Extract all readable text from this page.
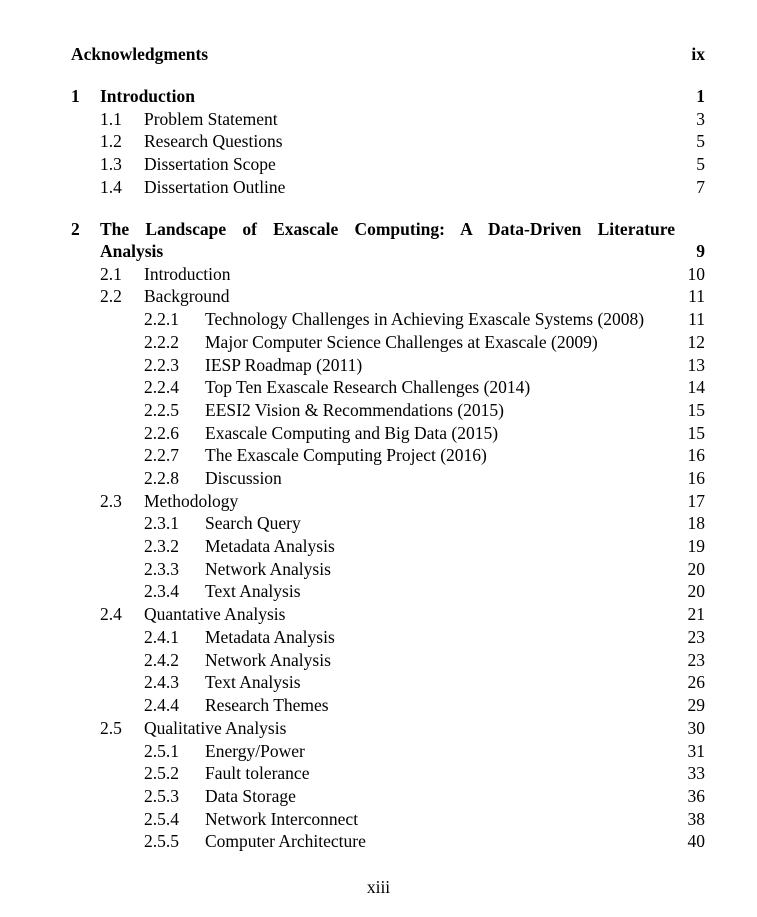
Acknowledgments	ix
1 Introduction	1
1.1 Problem Statement	3
1.2 Research Questions	5
1.3 Dissertation Scope	5
1.4 Dissertation Outline	7
2 The Landscape of Exascale Computing: A Data-Driven Literature
Analysis	9
2.1 Introduction	10
2.2 Background	11
2.2.1 Technology Challenges in Achieving Exascale Systems (2008)	11
2.2.2 Major Computer Science Challenges at Exascale (2009)	12
2.2.3 IESP Roadmap (2011)	13
2.2.4 Top Ten Exascale Research Challenges (2014)	14
2.2.5 EESI2 Vision & Recommendations (2015)	15
2.2.6 Exascale Computing and Big Data (2015)	15
2.2.7 The Exascale Computing Project (2016)	16
2.2.8 Discussion	16
2.3 Methodology	17
2.3.1 Search Query	18
2.3.2 Metadata Analysis	19
2.3.3 Network Analysis	20
2.3.4 Text Analysis	20
2.4 Quantative Analysis	21
2.4.1 Metadata Analysis	23
2.4.2 Network Analysis	23
2.4.3 Text Analysis	26
2.4.4 Research Themes	29
2.5 Qualitative Analysis	30
2.5.1 Energy/Power	31
2.5.2 Fault tolerance	33
2.5.3 Data Storage	36
2.5.4 Network Interconnect	38
2.5.5 Computer Architecture	40
xiii
